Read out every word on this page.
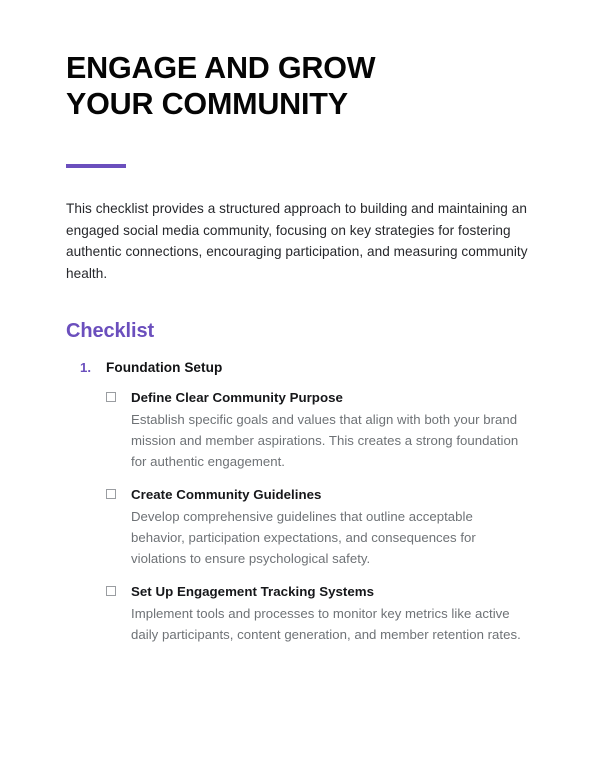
ENGAGE AND GROW
YOUR COMMUNITY

This checklist provides a structured approach to building and maintaining an engaged social media community, focusing on key strategies for fostering authentic connections, encouraging participation, and measuring community health.

Checklist
1. Foundation Setup

Define Clear Community Purpose

Establish specific goals and values that align with both your brand mission and member aspirations. This creates a strong foundation for authentic engagement.

Create Community Guidelines

Develop comprehensive guidelines that outline acceptable behavior, participation expectations, and consequences for violations to ensure psychological safety.

Set Up Engagement Tracking Systems

Implement tools and processes to monitor key metrics like active daily participants, content generation, and member retention rates.
